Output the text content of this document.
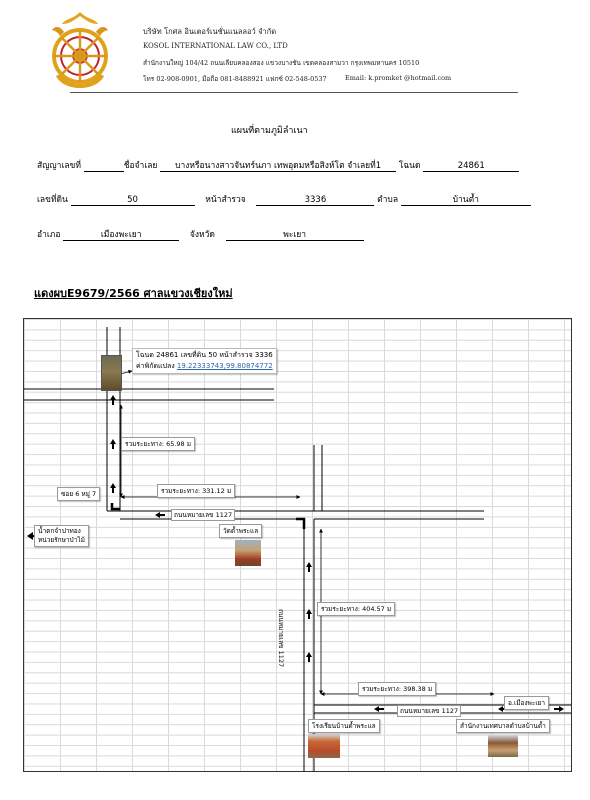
บริษัท โกศล อินเตอร์เนชั่นแนลลอว์ จำกัด
KOSOL INTERNATIONAL LAW CO., LTD
สำนักงานใหญ่ 104/42 ถนนเลียบคลองสอง แขวงบางชัน เขตคลองสามวา กรุงเทพมหานคร 10510
โทร 02-908-0901, มือถือ 081-8488921 แฟกซ์ 02-548-0537	Email: k.promket @hotmail.com
แผนที่ตามภูมิลำเนา
สัญญาเลขที่	ชื่อจำเลย บางหรือนางสาวจันทร์นภา เทพอุดมหรือสิงห์โต จำเลยที่1 โฉนด	24861
เลขที่ดิน	50	หน้าสำรวจ	3336	ตำบล	บ้านต้ำ
อำเภอ	เมืองพะเยา	จังหวัด	พะเยา
แดงผบE9679/2566 ศาลแขวงเชียงใหม่
โฉนด 24861 เลขที่ดิน 50 หน้าสำรวจ 3336
ค่าพิกัดแปลง 19.22333743,99.80874772
รวมระยะทาง: 65.98 ม
รวมระยะทาง: 331.12 ม
ซอย 6 หมู่ 7
ถนนหมายเลข 1127
วัดต้ำพระแล
น้ำตกจำปาทอง
หน่วยรักษาป่าไม้
ถนนหมายเลข 1127	รวมระยะทาง: 404.57 ม
รวมระยะทาง: 398.38 ม
อ.เมืองพะเยา
ถนนหมายเลข 1127
โรงเรียนบ้านต้ำพระแล	สำนักงานเทศบาลตำบลบ้านต้ำ
